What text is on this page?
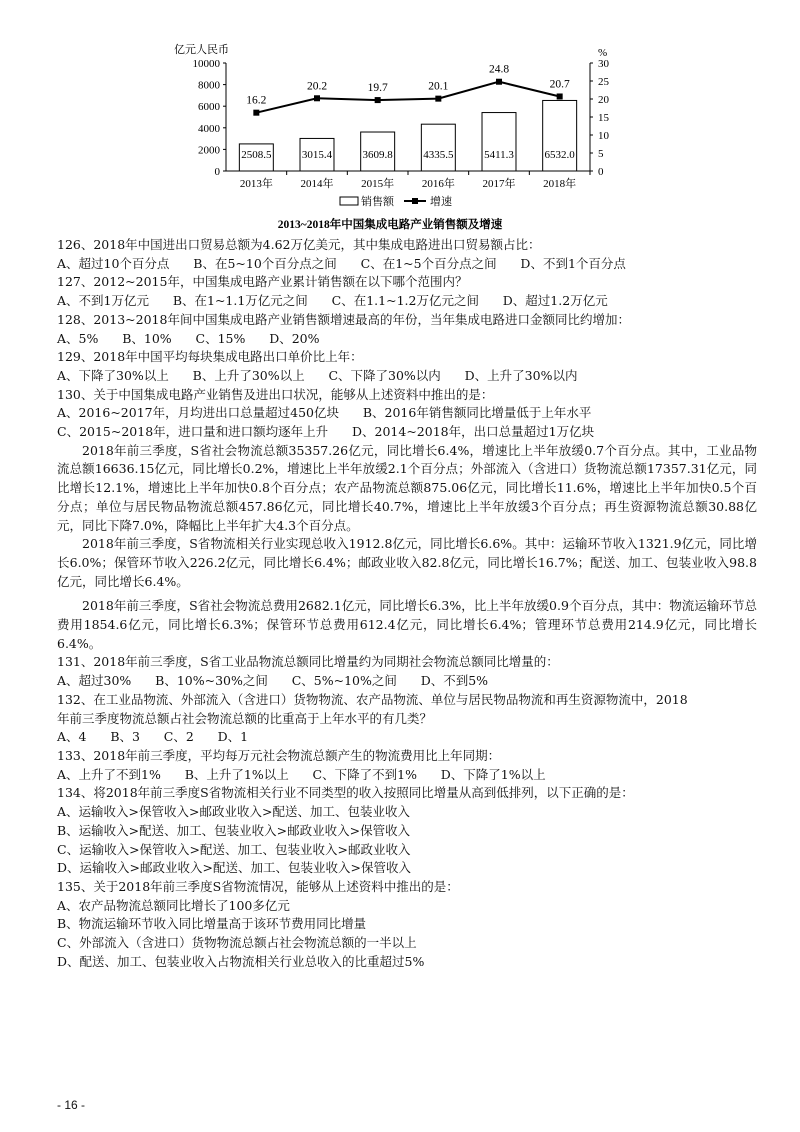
亿元人民币	%
2508.5	3015.4	3609.8	4335.5	5411.3	6532.0
0
2000
4000
6000
8000
10000
0
5
10
15
20
25
30
2013年	2014年	2015年	2016年	2017年	2018年
16.2
20.2	19.7	20.1
24.8
20.7
销售额	增速
2013~2018年中国集成电路产业销售额及增速
126、2018年中国进出口贸易总额为4.62万亿美元，其中集成电路进出口贸易额占比：
A、超过10个百分点      B、在5~10个百分点之间      C、在1~5个百分点之间      D、不到1个百分点
127、2012~2015年，中国集成电路产业累计销售额在以下哪个范围内？
A、不到1万亿元      B、在1~1.1万亿元之间      C、在1.1~1.2万亿元之间      D、超过1.2万亿元
128、2013~2018年间中国集成电路产业销售额增速最高的年份，当年集成电路进口金额同比约增加：
A、5%      B、10%      C、15%      D、20%
129、2018年中国平均每块集成电路出口单价比上年：
A、下降了30%以上      B、上升了30%以上      C、下降了30%以内      D、上升了30%以内
130、关于中国集成电路产业销售及进出口状况，能够从上述资料中推出的是：
A、2016~2017年，月均进出口总量超过450亿块      B、2016年销售额同比增量低于上年水平
C、2015~2018年，进口量和进口额均逐年上升      D、2014~2018年，出口总量超过1万亿块
2018年前三季度，S省社会物流总额35357.26亿元，同比增长6.4%，增速比上半年放缓0.7个百分点。其中，工业品物流总额16636.15亿元，同比增长0.2%，增速比上半年放缓2.1个百分点；外部流入（含进口）货物流总额17357.31亿元，同比增长12.1%，增速比上半年加快0.8个百分点；农产品物流总额875.06亿元，同比增长11.6%，增速比上半年加快0.5个百分点；单位与居民物品物流总额457.86亿元，同比增长40.7%，增速比上半年放缓3个百分点；再生资源物流总额30.88亿元，同比下降7.0%，降幅比上半年扩大4.3个百分点。
2018年前三季度，S省物流相关行业实现总收入1912.8亿元，同比增长6.6%。其中：运输环节收入1321.9亿元，同比增长6.0%；保管环节收入226.2亿元，同比增长6.4%；邮政业收入82.8亿元，同比增长16.7%；配送、加工、包装业收入98.8亿元，同比增长6.4%。
2018年前三季度，S省社会物流总费用2682.1亿元，同比增长6.3%，比上半年放缓0.9个百分点，其中：物流运输环节总费用1854.6亿元，同比增长6.3%；保管环节总费用612.4亿元，同比增长6.4%；管理环节总费用214.9亿元，同比增长6.4%。
131、2018年前三季度，S省工业品物流总额同比增量约为同期社会物流总额同比增量的：
A、超过30%      B、10%~30%之间      C、5%~10%之间      D、不到5%
132、在工业品物流、外部流入（含进口）货物物流、农产品物流、单位与居民物品物流和再生资源物流中，2018
年前三季度物流总额占社会物流总额的比重高于上年水平的有几类？
A、4      B、3      C、2      D、1
133、2018年前三季度，平均每万元社会物流总额产生的物流费用比上年同期：
A、上升了不到1%      B、上升了1%以上      C、下降了不到1%      D、下降了1%以上
134、将2018年前三季度S省物流相关行业不同类型的收入按照同比增量从高到低排列，以下正确的是：
A、运输收入>保管收入>邮政业收入>配送、加工、包装业收入
B、运输收入>配送、加工、包装业收入>邮政业收入>保管收入
C、运输收入>保管收入>配送、加工、包装业收入>邮政业收入
D、运输收入>邮政业收入>配送、加工、包装业收入>保管收入
135、关于2018年前三季度S省物流情况，能够从上述资料中推出的是：
A、农产品物流总额同比增长了100多亿元
B、物流运输环节收入同比增量高于该环节费用同比增量
C、外部流入（含进口）货物物流总额占社会物流总额的一半以上
D、配送、加工、包装业收入占物流相关行业总收入的比重超过5%
- 16 -
